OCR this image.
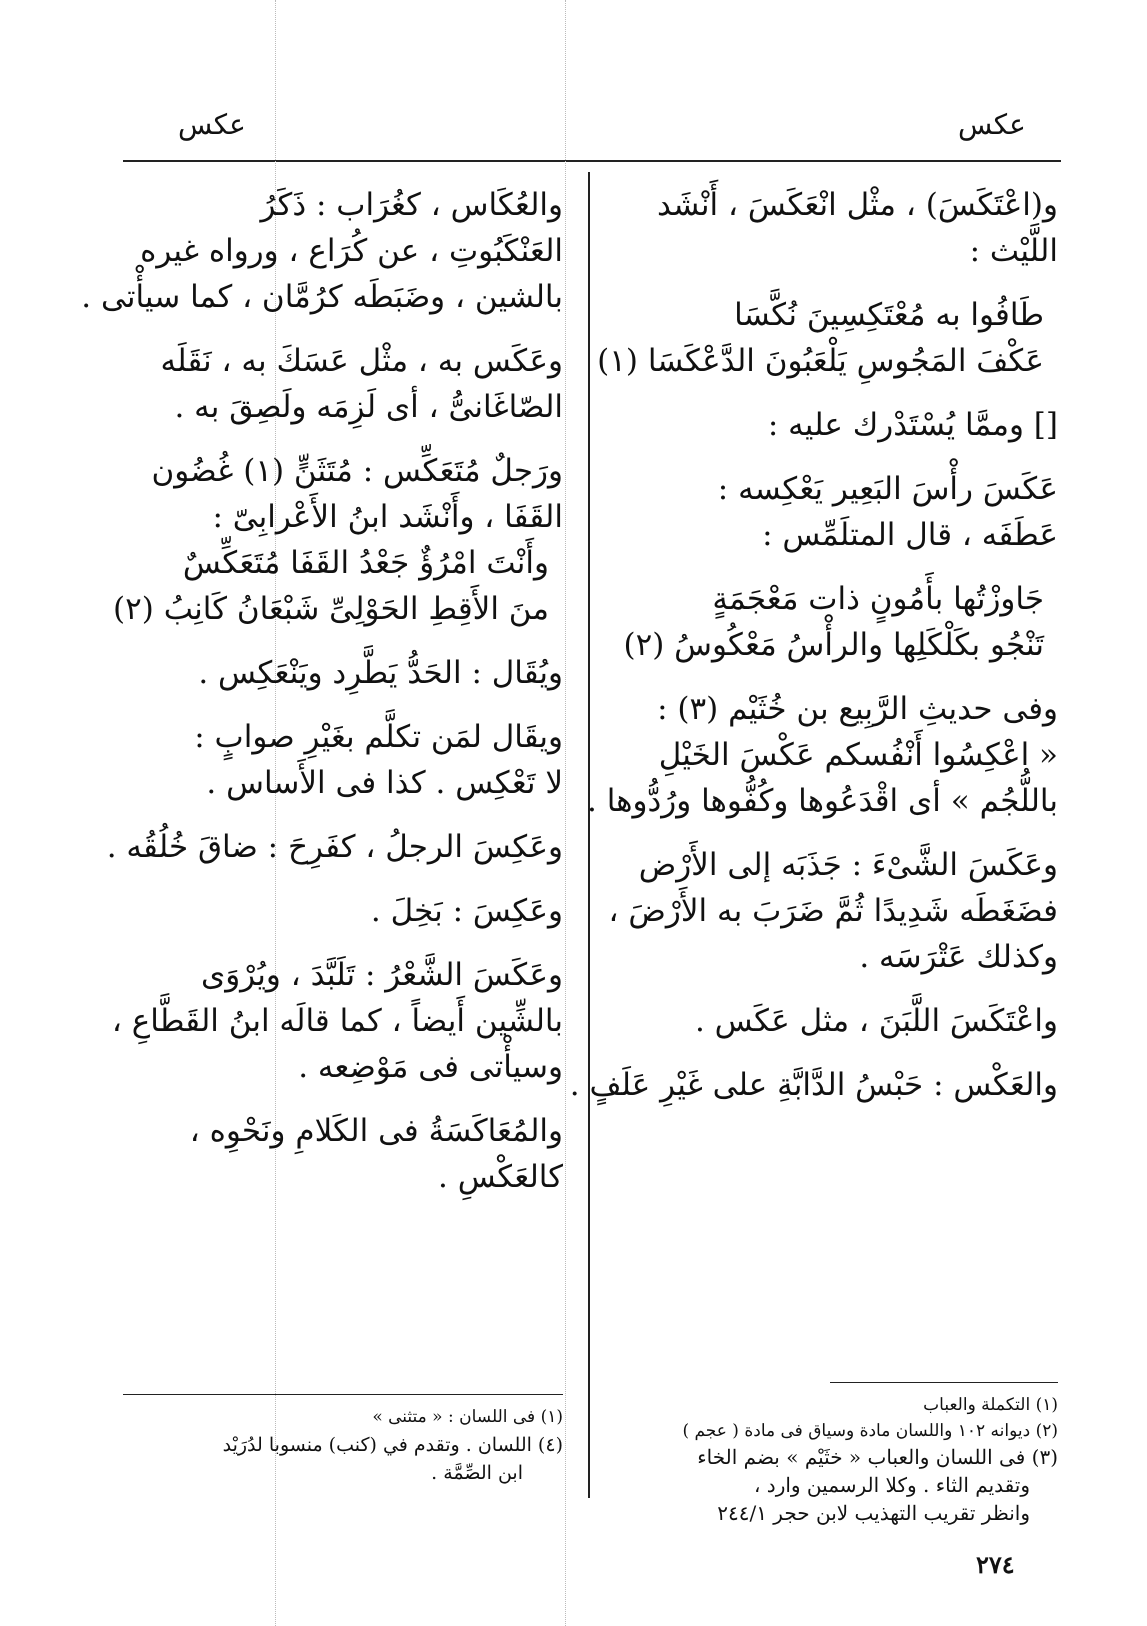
عكس
عكس
و(اعْتَكَسَ) ، مثْل انْعَكَسَ ، أَنْشَد
اللَّيْث :
طَافُوا به مُعْتَكِسِينَ نُكَّسَا
عَكْفَ المَجُوسِ يَلْعَبُونَ الدَّعْكَسَا (١)
[] وممَّا يُسْتَدْرك عليه :
عَكَسَ رأْسَ البَعِير يَعْكِسه :
عَطَفَه ، قال المتلَمِّس :
جَاوزْتُها بأَمُونٍ ذات مَعْجَمَةٍ
تَنْجُو بكَلْكَلِها والرأْسُ مَعْكُوسُ (٢)
وفى حديثِ الرَّبِيع بن خُثَيْم (٣) :
« اعْكِسُوا أَنْفُسكم عَكْسَ الخَيْلِ
باللُّجُم » أى اقْدَعُوها وكُفُّوها ورُدُّوها .
وعَكَسَ الشَّىْءَ : جَذَبَه إلى الأَرْض
فضَغَطَه شَدِيدًا ثُمَّ ضَرَبَ به الأَرْضَ ،
وكذلك عَتْرَسَه .
واعْتَكَسَ اللَّبَنَ ، مثل عَكَس .
والعَكْس : حَبْسُ الدَّابَّةِ على غَيْرِ عَلَفٍ .
(١) التكملة والعباب
(٢) ديوانه ١٠٢ واللسان مادة وسياق فى مادة ( عجم )
(٣) فى اللسان والعباب « خثَيْم » بضم الخاء
وتقديم الثاء . وكلا الرسمين وارد ،
وانظر تقريب التهذيب لابن حجر ٢٤٤/١
والعُكَاس ، كغُرَاب : ذَكَرُ
العَنْكَبُوتِ ، عن كُرَاع ، ورواه غيره
بالشين ، وضَبَطَه كرُمَّان ، كما سيأْتى .
وعَكَس به ، مثْل عَسَكَ به ، نَقَلَه
الصّاغَانىُّ ، أى لَزِمَه ولَصِقَ به .
ورَجلٌ مُتَعَكِّس : مُتَثَنٍّ (١) غُضُون
القَفَا ، وأَنْشَد ابنُ الأَعْرابِىّ :
وأَنْتَ امْرُؤٌ جَعْدُ القَفَا مُتَعَكِّسٌ
منَ الأَقِطِ الحَوْلِىِّ شَبْعَانُ كَانِبُ (٢)
ويُقَال : الحَدُّ يَطَّرِد ويَنْعَكِس .
ويقَال لمَن تكلَّم بغَيْرِ صوابٍ :
لا تَعْكِس . كذا فى الأَساس .
وعَكِسَ الرجلُ ، كفَرِحَ : ضاقَ خُلُقُه .
وعَكِسَ : بَخِلَ .
وعَكَسَ الشَّعْرُ : تَلَبَّدَ ، ويُرْوَى
بالشِّين أَيضاً ، كما قالَه ابنُ القَطَّاعِ ،
وسيأْتى فى مَوْضِعه .
والمُعَاكَسَةُ فى الكَلامِ ونَحْوِه ،
كالعَكْسِ .
(١) فى اللسان : « متثنى »
(٤) اللسان . وتقدم في (كنب) منسوبا لدُرَيْد
ابن الصِّمَّة .
٢٧٤
